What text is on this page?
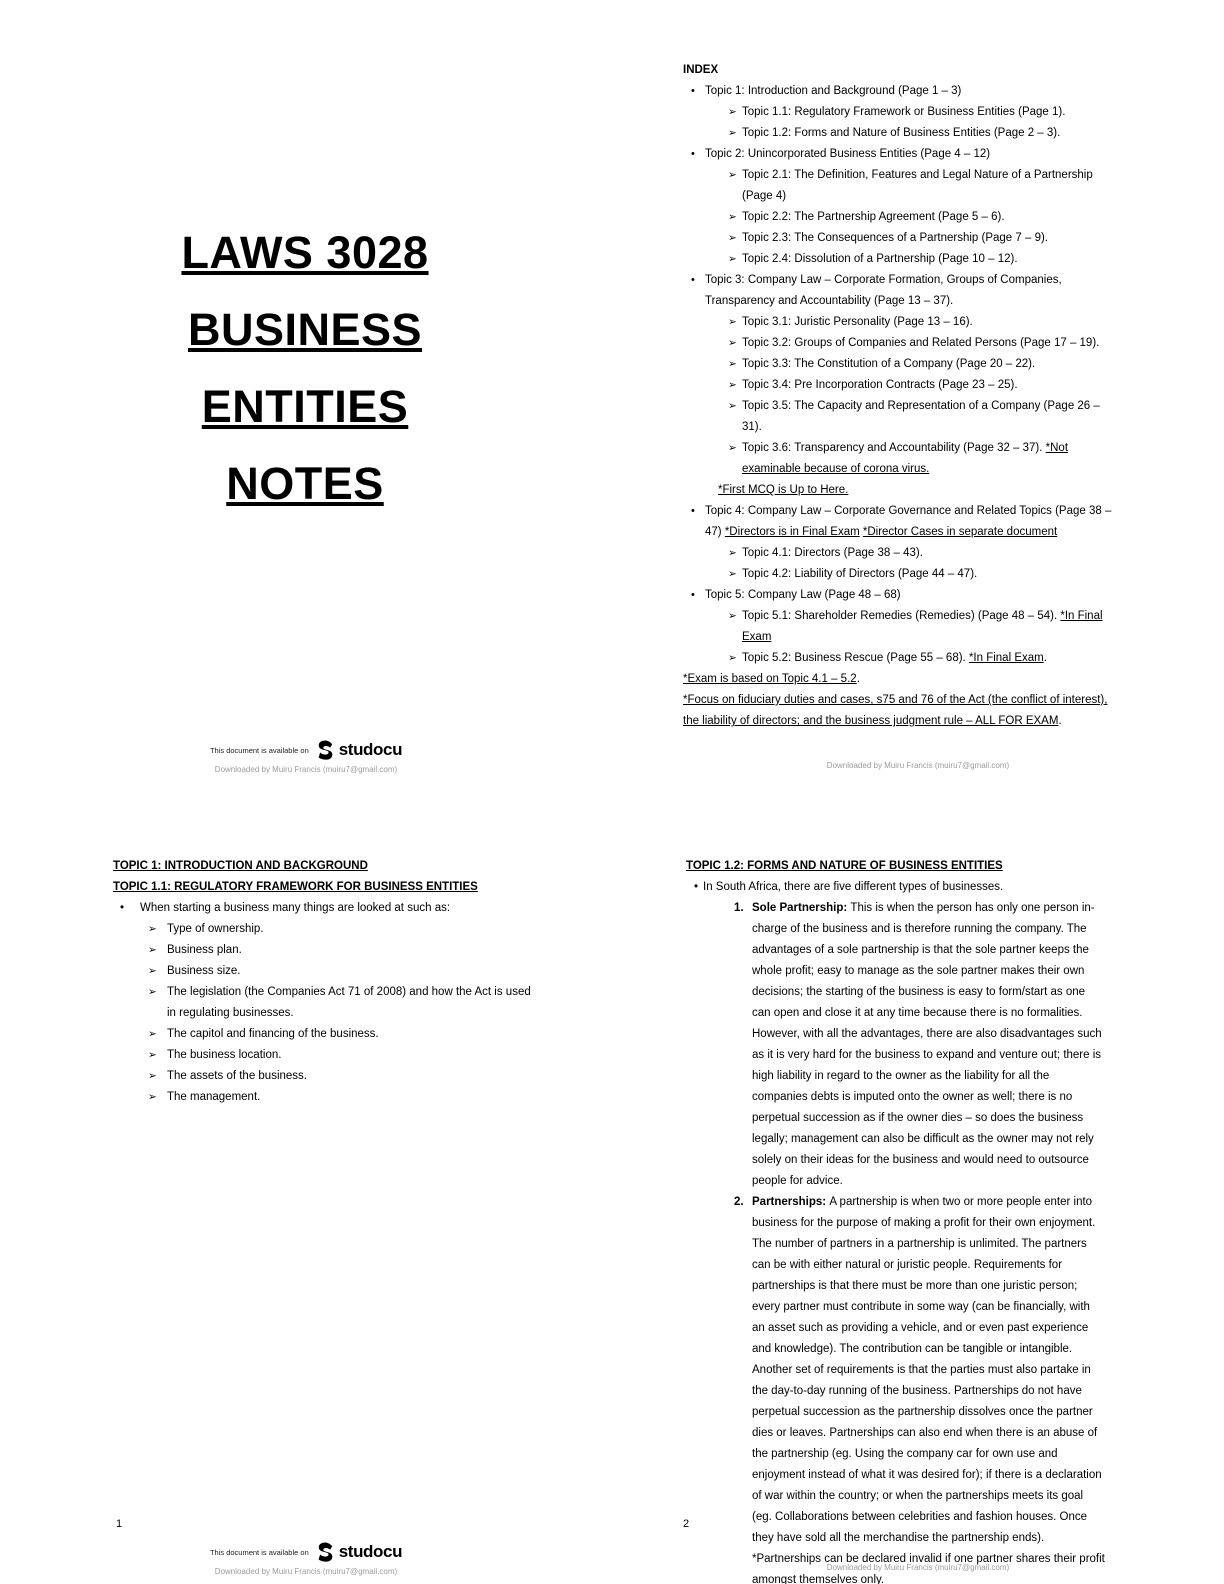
LAWS 3028
BUSINESS
ENTITIES
NOTES
This document is available on studocu
Downloaded by Muiru Francis (muiru7@gmail.com)
INDEX
• Topic 1: Introduction and Background (Page 1 – 3)
➢ Topic 1.1: Regulatory Framework or Business Entities (Page 1).
➢ Topic 1.2: Forms and Nature of Business Entities (Page 2 – 3).
• Topic 2: Unincorporated Business Entities (Page 4 – 12)
➢ Topic 2.1: The Definition, Features and Legal Nature of a Partnership (Page 4)
➢ Topic 2.2: The Partnership Agreement (Page 5 – 6).
➢ Topic 2.3: The Consequences of a Partnership (Page 7 – 9).
➢ Topic 2.4: Dissolution of a Partnership (Page 10 – 12).
• Topic 3: Company Law – Corporate Formation, Groups of Companies, Transparency and Accountability (Page 13 – 37).
➢ Topic 3.1: Juristic Personality (Page 13 – 16).
➢ Topic 3.2: Groups of Companies and Related Persons (Page 17 – 19).
➢ Topic 3.3: The Constitution of a Company (Page 20 – 22).
➢ Topic 3.4: Pre Incorporation Contracts (Page 23 – 25).
➢ Topic 3.5: The Capacity and Representation of a Company (Page 26 – 31).
➢ Topic 3.6: Transparency and Accountability (Page 32 – 37). *Not examinable because of corona virus.
*First MCQ is Up to Here.
• Topic 4: Company Law – Corporate Governance and Related Topics (Page 38 – 47) *Directors is in Final Exam *Director Cases in separate document
➢ Topic 4.1: Directors (Page 38 – 43).
➢ Topic 4.2: Liability of Directors (Page 44 – 47).
• Topic 5: Company Law (Page 48 – 68)
➢ Topic 5.1: Shareholder Remedies (Remedies) (Page 48 – 54). *In Final Exam
➢ Topic 5.2: Business Rescue (Page 55 – 68). *In Final Exam.
*Exam is based on Topic 4.1 – 5.2.
*Focus on fiduciary duties and cases, s75 and 76 of the Act (the conflict of interest), the liability of directors; and the business judgment rule – ALL FOR EXAM.
Downloaded by Muiru Francis (muiru7@gmail.com)
TOPIC 1: INTRODUCTION AND BACKGROUND
TOPIC 1.1: REGULATORY FRAMEWORK FOR BUSINESS ENTITIES
• When starting a business many things are looked at such as:
➢ Type of ownership.
➢ Business plan.
➢ Business size.
➢ The legislation (the Companies Act 71 of 2008) and how the Act is used in regulating businesses.
➢ The capitol and financing of the business.
➢ The business location.
➢ The assets of the business.
➢ The management.
1
This document is available on studocu
Downloaded by Muiru Francis (muiru7@gmail.com)
TOPIC 1.2: FORMS AND NATURE OF BUSINESS ENTITIES
• In South Africa, there are five different types of businesses.
1. Sole Partnership: This is when the person has only one person in-charge of the business and is therefore running the company. The advantages of a sole partnership is that the sole partner keeps the whole profit; easy to manage as the sole partner makes their own decisions; the starting of the business is easy to form/start as one can open and close it at any time because there is no formalities. However, with all the advantages, there are also disadvantages such as it is very hard for the business to expand and venture out; there is high liability in regard to the owner as the liability for all the companies debts is imputed onto the owner as well; there is no perpetual succession as if the owner dies – so does the business legally; management can also be difficult as the owner may not rely solely on their ideas for the business and would need to outsource people for advice.
2. Partnerships: A partnership is when two or more people enter into business for the purpose of making a profit for their own enjoyment. The number of partners in a partnership is unlimited. The partners can be with either natural or juristic people. Requirements for partnerships is that there must be more than one juristic person; every partner must contribute in some way (can be financially, with an asset such as providing a vehicle, and or even past experience and knowledge). The contribution can be tangible or intangible. Another set of requirements is that the parties must also partake in the day-to-day running of the business. Partnerships do not have perpetual succession as the partnership dissolves once the partner dies or leaves. Partnerships can also end when there is an abuse of the partnership (eg. Using the company car for own use and enjoyment instead of what it was desired for); if there is a declaration of war within the country; or when the partnerships meets its goal (eg. Collaborations between celebrities and fashion houses. Once they have sold all the merchandise the partnership ends). *Partnerships can be declared invalid if one partner shares their profit amongst themselves only.
2
Downloaded by Muiru Francis (muiru7@gmail.com)
